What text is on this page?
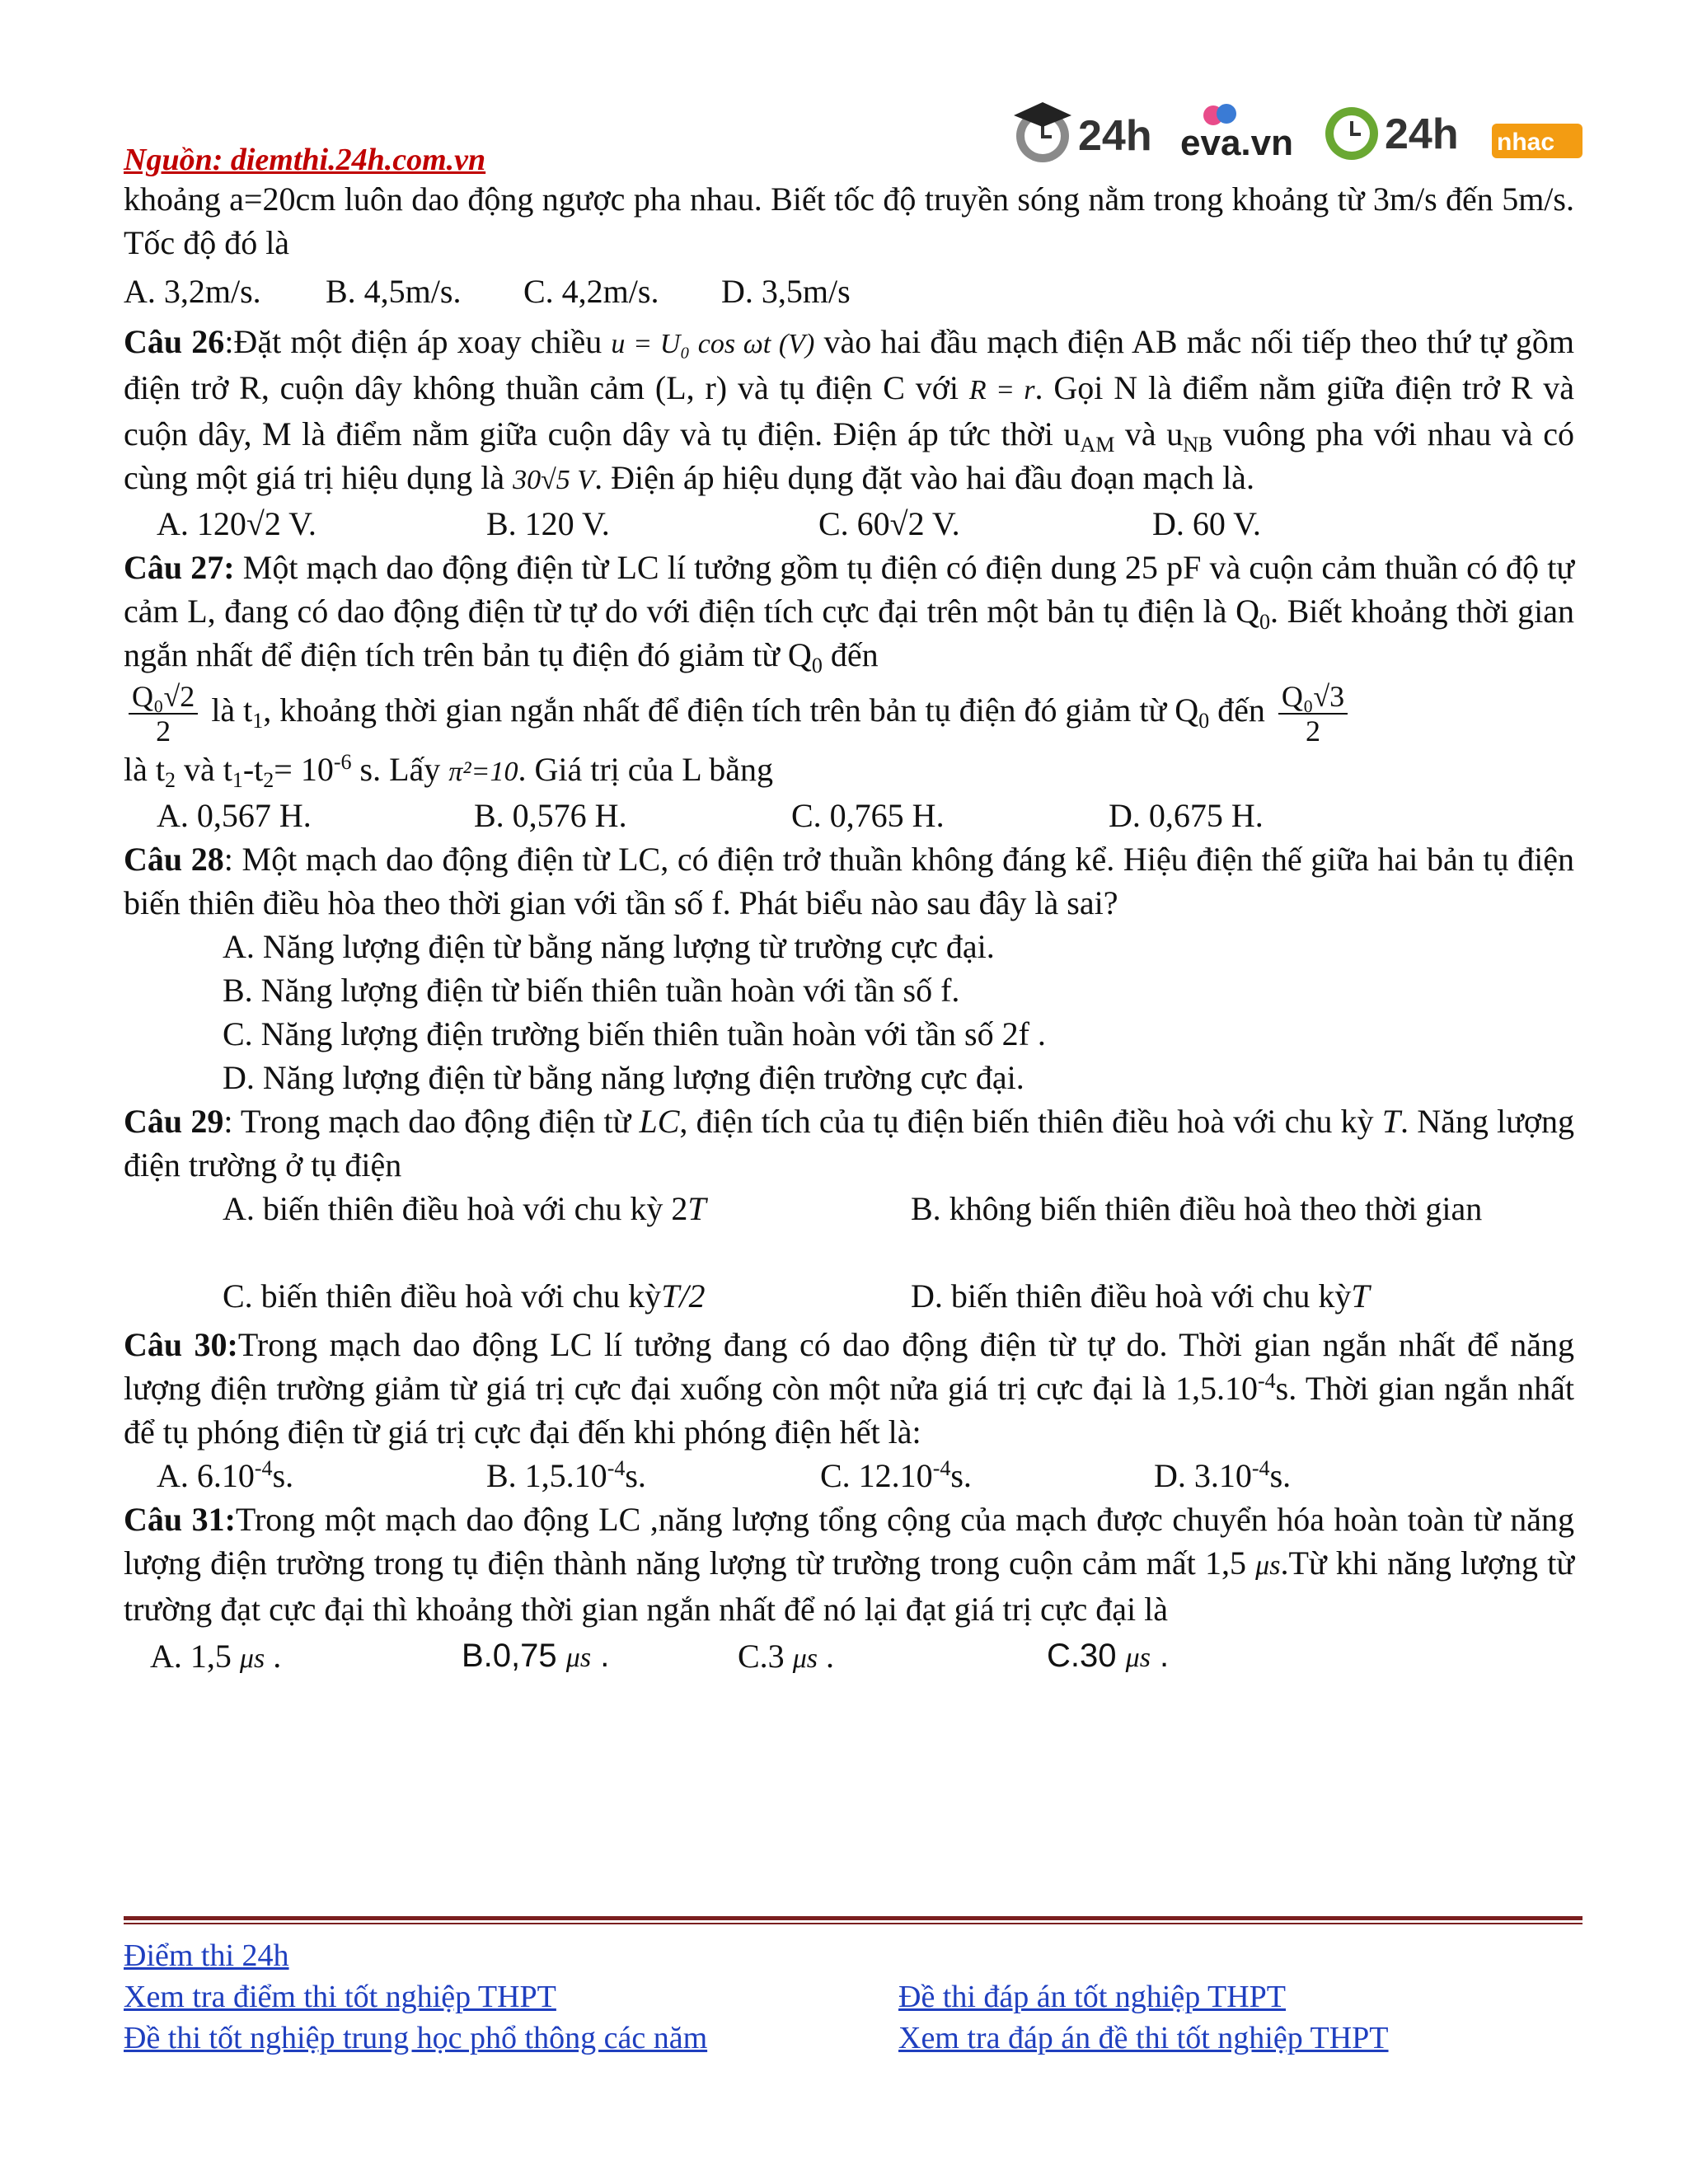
Nguồn: diemthi.24h.com.vn	24h eva.vn 24h nhac

khoảng a=20cm luôn dao động ngược pha nhau. Biết tốc độ truyền sóng nằm trong khoảng từ 3m/s đến 5m/s. Tốc độ đó là

A. 3,2m/s.	B. 4,5m/s.	C. 4,2m/s.	D. 3,5m/s

Câu 26:Đặt một điện áp xoay chiều u = U₀ cos ωt (V) vào hai đầu mạch điện AB mắc nối tiếp theo thứ tự gồm điện trở R, cuộn dây không thuần cảm (L, r) và tụ điện C với R = r. Gọi N là điểm nằm giữa điện trở R và cuộn dây, M là điểm nằm giữa cuộn dây và tụ điện. Điện áp tức thời $u_{AM}$ và $u_{NB}$ vuông pha với nhau và có cùng một giá trị hiệu dụng là 30√5 V. Điện áp hiệu dụng đặt vào hai đầu đoạn mạch là.

A. 120√2 V.	B. 120 V.	C. 60√2 V.	D. 60 V.

Câu 27: Một mạch dao động điện từ LC lí tưởng gồm tụ điện có điện dung 25 pF và cuộn cảm thuần có độ tự cảm L, đang có dao động điện từ tự do với điện tích cực đại trên một bản tụ điện là $Q_0$. Biết khoảng thời gian ngắn nhất để điện tích trên bản tụ điện đó giảm từ $Q_0$ đến

$\frac{\text{Q₀√2}}{2}$ là $t_1$, khoảng thời gian ngắn nhất để điện tích trên bản tụ điện đó giảm từ $Q_0$ đến $\frac{\text{Q₀√3}}{2}$

là $t_2$ và $t_1-t_2= 10^{-6}$ s. Lấy π²=10. Giá trị của L bằng

A. 0,567 H.	B. 0,576 H.	C. 0,765 H.	D. 0,675 H.

Câu 28: Một mạch dao động điện từ LC, có điện trở thuần không đáng kể. Hiệu điện thế giữa hai bản tụ điện biến thiên điều hòa theo thời gian với tần số f. Phát biểu nào sau đây là sai?

A. Năng lượng điện từ bằng năng lượng từ trường cực đại.
B. Năng lượng điện từ biến thiên tuần hoàn với tần số f.
C. Năng lượng điện trường biến thiên tuần hoàn với tần số 2f .
D. Năng lượng điện từ bằng năng lượng điện trường cực đại.

Câu 29: Trong mạch dao động điện từ LC, điện tích của tụ điện biến thiên điều hoà với chu kỳ T. Năng lượng điện trường ở tụ điện

A. biến thiên điều hoà với chu kỳ 2T	B. không biến thiên điều hoà theo thời gian
C. biến thiên điều hoà với chu kỳT/2	D. biến thiên điều hoà với chu kỳT

Câu 30:Trong mạch dao động LC lí tưởng đang có dao động điện từ tự do. Thời gian ngắn nhất để năng lượng điện trường giảm từ giá trị cực đại xuống còn một nửa giá trị cực đại là $1,5.10^{-4}s$. Thời gian ngắn nhất để tụ phóng điện từ giá trị cực đại đến khi phóng điện hết là:

A. $6.10^{-4}s$.	B. $1,5.10^{-4}s$.	C. $12.10^{-4}s$.	D. $3.10^{-4}s$.

Câu 31:Trong một mạch dao động LC ,năng lượng tổng cộng của mạch được chuyển hóa hoàn toàn từ năng lượng điện trường trong tụ điện thành năng lượng từ trường trong cuộn cảm mất 1,5 μs.Từ khi năng lượng từ trường đạt cực đại thì khoảng thời gian ngắn nhất để nó lại đạt giá trị cực đại là

A. 1,5 μs .	B.0,75 μs .	C.3 μs .	C.30 μs .
Điểm thi 24h
Xem tra điểm thi tốt nghiệp THPT	Đề thi đáp án tốt nghiệp THPT
Đề thi tốt nghiệp trung học phổ thông các năm	Xem tra đáp án đề thi tốt nghiệp THPT
